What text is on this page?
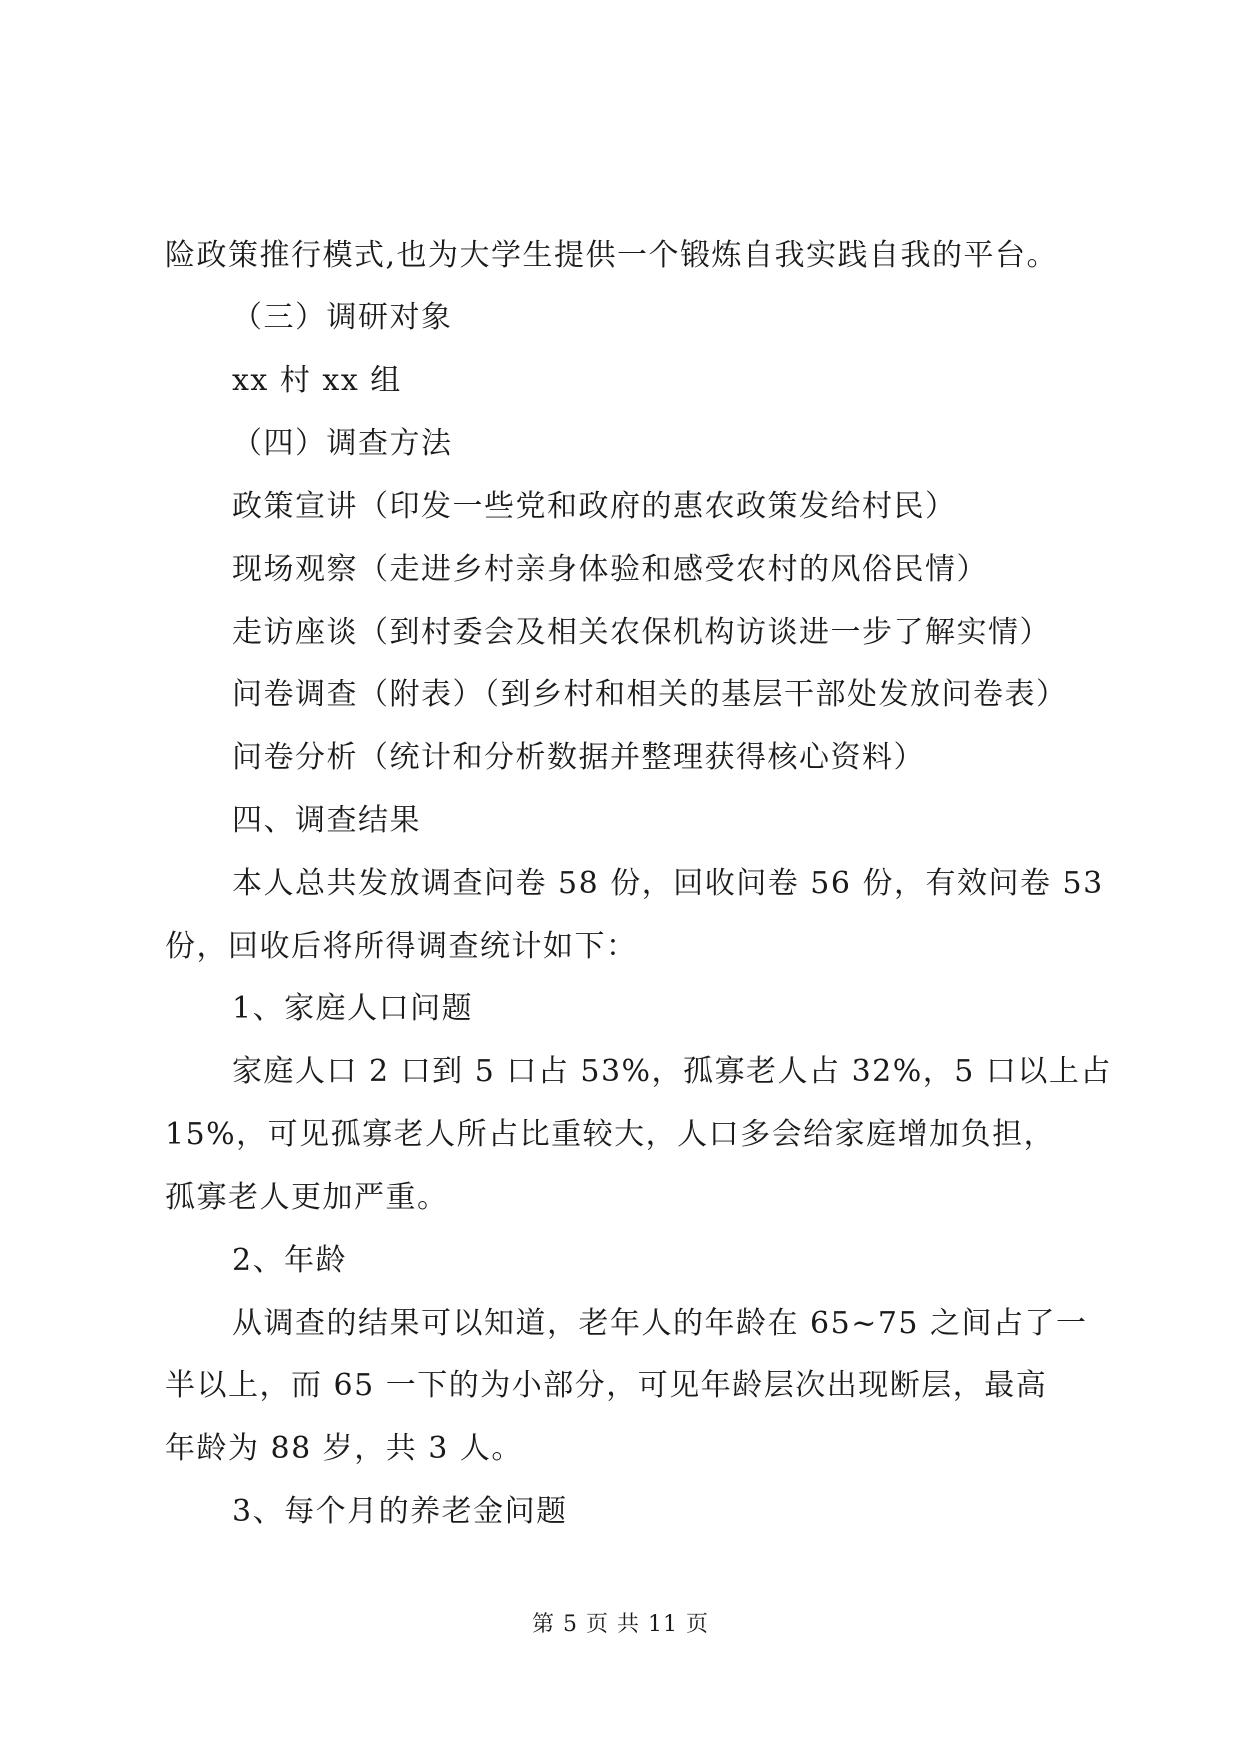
险政策推行模式,也为大学生提供一个锻炼自我实践自我的平台。
（三）调研对象
xx 村 xx 组
（四）调查方法
政策宣讲（印发一些党和政府的惠农政策发给村民）
现场观察（走进乡村亲身体验和感受农村的风俗民情）
走访座谈（到村委会及相关农保机构访谈进一步了解实情）
问卷调查（附表）（到乡村和相关的基层干部处发放问卷表）
问卷分析（统计和分析数据并整理获得核心资料）
四、调查结果
本人总共发放调查问卷 58 份，回收问卷 56 份，有效问卷 53
份，回收后将所得调查统计如下：
1、家庭人口问题
家庭人口 2 口到 5 口占 53%，孤寡老人占 32%，5 口以上占
15%，可见孤寡老人所占比重较大，人口多会给家庭增加负担，
孤寡老人更加严重。
2、年龄
从调查的结果可以知道，老年人的年龄在 65~75 之间占了一
半以上，而 65 一下的为小部分，可见年龄层次出现断层，最高
年龄为 88 岁，共 3 人。
3、每个月的养老金问题
第 5 页 共 11 页
